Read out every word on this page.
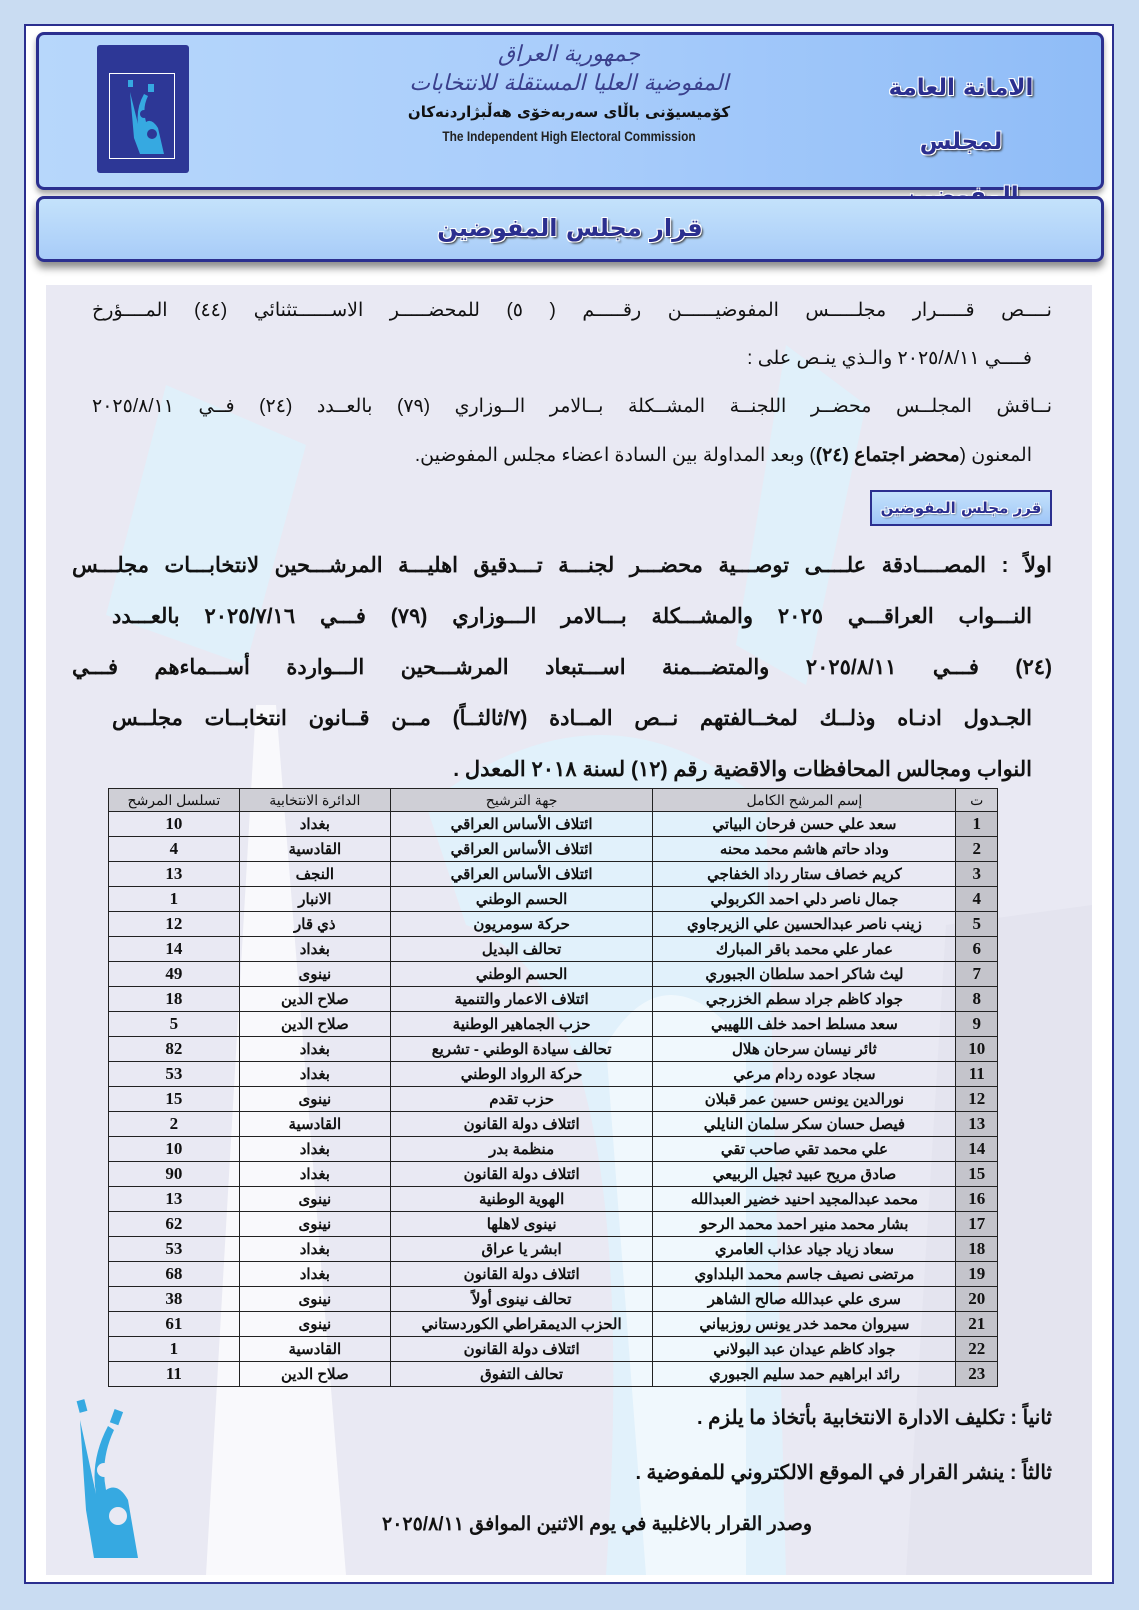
جمهورية العراق
المفوضية العليا المستقلة للانتخابات
كۆمیسیۆنی باڵای سەربەخۆی هەڵبژاردنەکان
The Independent High Electoral Commission
الامانة العامة
لمجلس
قرار مجلس المفوضين
نــــص قـــــرار مجلـــــس المفوضيــــــن رقـــــم ( ٥) للمحضـــــر الاســــــتثنائي (٤٤) المــــؤرخ
فــــي ٢٠٢٥/٨/١١ والـذي ينـص على :
نــاقش المجلــس محضــر اللجنــة المشــكلة بــالامر الــوزاري (٧٩) بالعــدد (٢٤) فــي ٢٠٢٥/٨/١١
المعنون (محضر اجتماع (٢٤)) وبعد المداولة بين السادة اعضاء مجلس المفوضين.
قرر مجلس المفوضين
اولاً : المصــــادقة علــــى توصـــية محضـــر لجنـــة تـــدقيق اهليـــة المرشـــحين لانتخابـــات مجلـــس
النـــواب العراقـــي ٢٠٢٥ والمشـــكلة بـــالامر الـــوزاري (٧٩) فـــي ٢٠٢٥/٧/١٦ بالعـــدد
(٢٤) فـــي ٢٠٢٥/٨/١١ والمتضـــمنة اســـتبعاد المرشـــحين الـــواردة أســـماءهم فـــي
الجـدول ادنـاه وذلــك لمخــالفتهم نــص المــادة (٧/ثالثــاً) مــن قــانون انتخابــات مجلــس
النواب ومجالس المحافظات والاقضية رقم (١٢) لسنة ٢٠١٨ المعدل .
ت	إسم المرشح الكامل	جهة الترشيح	الدائرة الانتخابية	تسلسل المرشح
1	سعد علي حسن فرحان البياتي	ائتلاف الأساس العراقي	بغداد	10
2	وداد حاتم هاشم محمد محنه	ائتلاف الأساس العراقي	القادسية	4
3	كريم خصاف ستار رداد الخفاجي	ائتلاف الأساس العراقي	النجف	13
4	جمال ناصر دلي احمد الكربولي	الحسم الوطني	الانبار	1
5	زينب ناصر عبدالحسين علي الزيرجاوي	حركة سومريون	ذي قار	12
6	عمار علي محمد باقر المبارك	تحالف البديل	بغداد	14
7	ليث شاكر احمد سلطان الجبوري	الحسم الوطني	نينوى	49
8	جواد كاظم جراد سطم الخزرجي	ائتلاف الاعمار والتنمية	صلاح الدين	18
9	سعد مسلط احمد خلف اللهيبي	حزب الجماهير الوطنية	صلاح الدين	5
10	ثائر نيسان سرحان هلال	تحالف سيادة الوطني - تشريع	بغداد	82
11	سجاد عوده ردام مرعي	حركة الرواد الوطني	بغداد	53
12	نورالدين يونس حسين عمر قبلان	حزب تقدم	نينوى	15
13	فيصل حسان سكر سلمان النايلي	ائتلاف دولة القانون	القادسية	2
14	علي محمد تقي صاحب تقي	منظمة بدر	بغداد	10
15	صادق مريح عبيد ثجيل الربيعي	ائتلاف دولة القانون	بغداد	90
16	محمد عبدالمجيد احنيد خضير العبدالله	الهوية الوطنية	نينوى	13
17	بشار محمد منير احمد محمد الرحو	نينوى لاهلها	نينوى	62
18	سعاد زياد جياد عذاب العامري	ابشر يا عراق	بغداد	53
19	مرتضى نصيف جاسم محمد البلداوي	ائتلاف دولة القانون	بغداد	68
20	سرى علي عبدالله صالح الشاهر	تحالف نينوى أولاً	نينوى	38
21	سيروان محمد خدر يونس روزبياني	الحزب الديمقراطي الكوردستاني	نينوى	61
22	جواد كاظم عيدان عبد البولاني	ائتلاف دولة القانون	القادسية	1
23	رائد ابراهيم حمد سليم الجبوري	تحالف التفوق	صلاح الدين	11
ثانياً : تكليف الادارة الانتخابية بأتخاذ ما يلزم .
ثالثاً : ينشر القرار في الموقع الالكتروني للمفوضية .
وصدر القرار بالاغلبية في يوم الاثنين الموافق ٢٠٢٥/٨/١١
